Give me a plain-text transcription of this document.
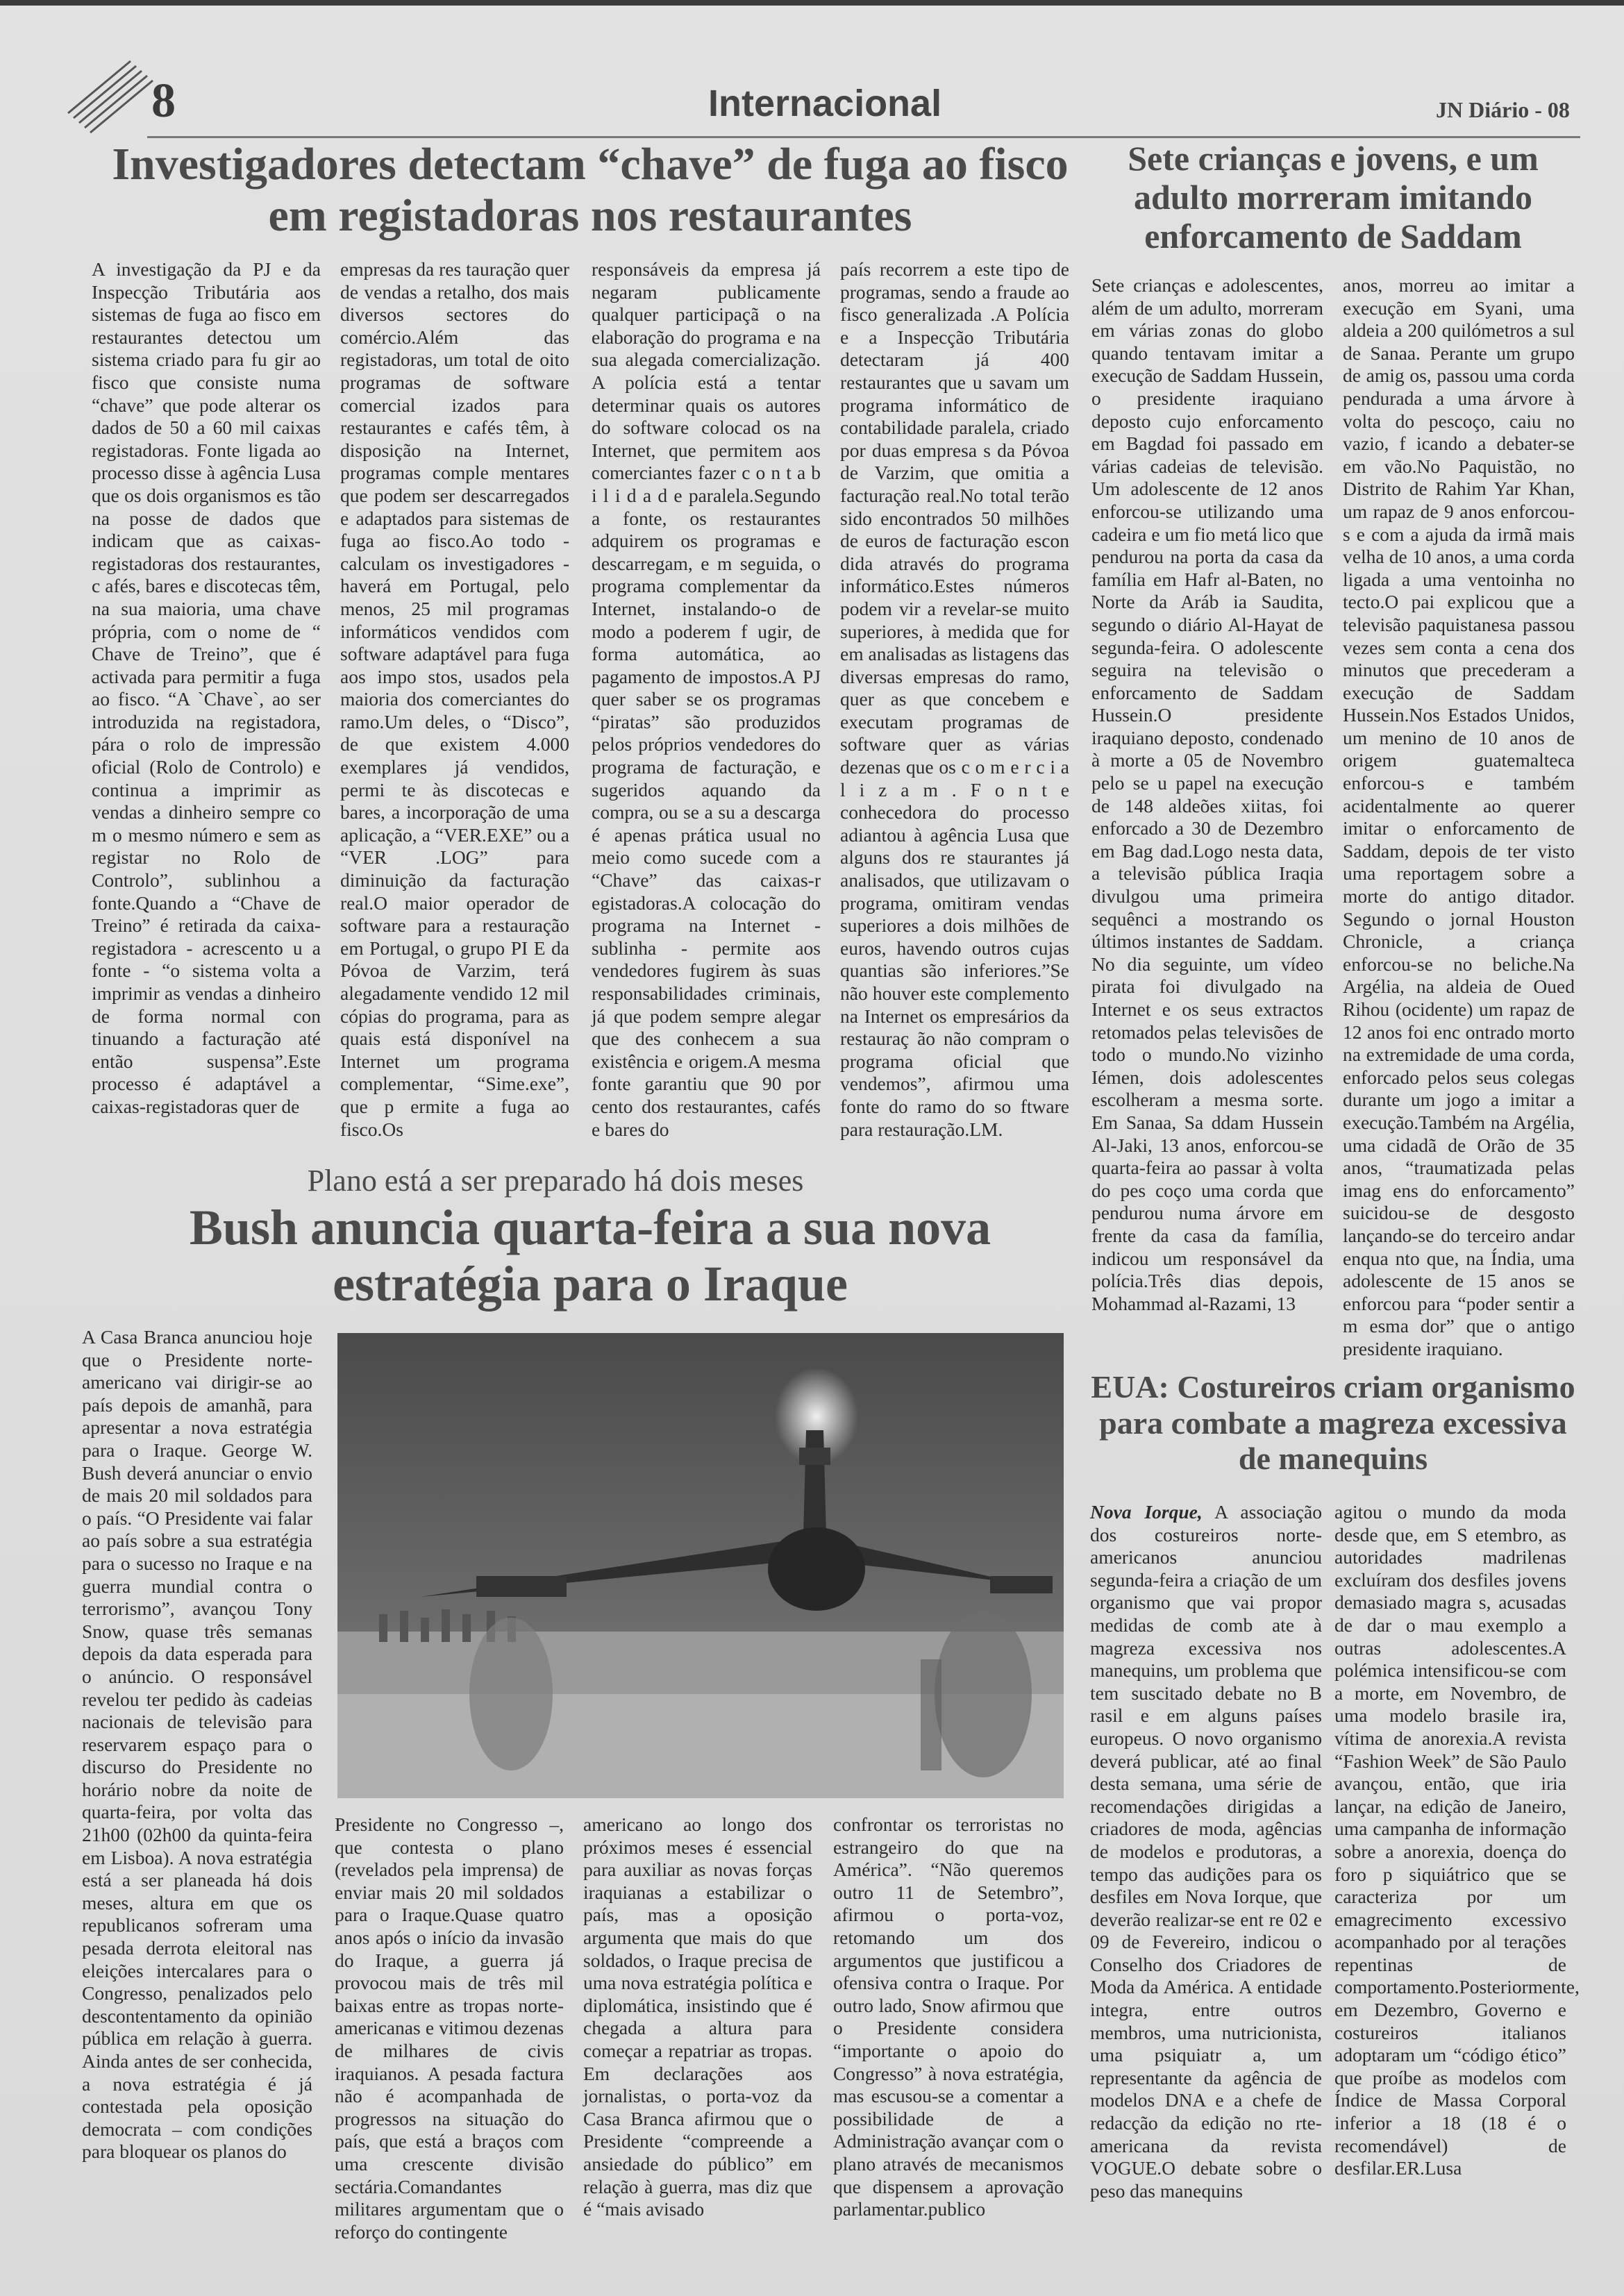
8	Internacional	JN Diário - 08
Investigadores detectam “chave” de fuga ao fisco em registadoras nos restaurantes

A investigação da PJ e da Inspecção Tributária aos sistemas de fuga ao fisco em restaurantes detectou um sistema criado para fu gir ao fisco que consiste numa “chave” que pode alterar os dados de 50 a 60 mil caixas registadoras. Fonte ligada ao processo disse à agência Lusa que os dois organismos es tão na posse de dados que indicam que as caixas-registadoras dos restaurantes, c afés, bares e discotecas têm, na sua maioria, uma chave própria, com o nome de “ Chave de Treino”, que é activada para permitir a fuga ao fisco. “A `Chave`, ao ser introduzida na registadora, pára o rolo de impressão oficial (Rolo de Controlo) e continua a imprimir as vendas a dinheiro sempre co m o mesmo número e sem as registar no Rolo de Controlo”, sublinhou a fonte.Quando a “Chave de Treino” é retirada da caixa-registadora - acrescento u a fonte - “o sistema volta a imprimir as vendas a dinheiro de forma normal con tinuando a facturação até então suspensa”.Este processo é adaptável a caixas-registadoras quer de

empresas da res tauração quer de vendas a retalho, dos mais diversos sectores do comércio.Além das registadoras, um total de oito programas de software comercial izados para restaurantes e cafés têm, à disposição na Internet, programas comple mentares que podem ser descarregados e adaptados para sistemas de fuga ao fisco.Ao todo - calculam os investigadores - haverá em Portugal, pelo menos, 25 mil programas informáticos vendidos com software adaptável para fuga aos impo stos, usados pela maioria dos comerciantes do ramo.Um deles, o “Disco”, de que existem 4.000 exemplares já vendidos, permi te às discotecas e bares, a incorporação de uma aplicação, a “VER.EXE” ou a “VER .LOG” para diminuição da facturação real.O maior operador de software para a restauração em Portugal, o grupo PI E da Póvoa de Varzim, terá alegadamente vendido 12 mil cópias do programa, para as quais está disponível na Internet um programa complementar, “Sime.exe”, que p ermite a fuga ao fisco.Os

responsáveis da empresa já negaram publicamente qualquer participaçã o na elaboração do programa e na sua alegada comercialização. A polícia está a tentar determinar quais os autores do software colocad os na Internet, que permitem aos comerciantes fazer c o n t a b i l i d a d e paralela.Segundo a fonte, os restaurantes adquirem os programas e descarregam, e m seguida, o programa complementar da Internet, instalando-o de modo a poderem f ugir, de forma automática, ao pagamento de impostos.A PJ quer saber se os programas “piratas” são produzidos pelos próprios vendedores do programa de facturação, e sugeridos aquando da compra, ou se a su a descarga é apenas prática usual no meio como sucede com a “Chave” das caixas-r egistadoras.A colocação do programa na Internet - sublinha - permite aos vendedores fugirem às suas responsabilidades criminais, já que podem sempre alegar que des conhecem a sua existência e origem.A mesma fonte garantiu que 90 por cento dos restaurantes, cafés e bares do

país recorrem a este tipo de programas, sendo a fraude ao fisco generalizada .A Polícia e a Inspecção Tributária detectaram já 400 restaurantes que u savam um programa informático de contabilidade paralela, criado por duas empresa s da Póvoa de Varzim, que omitia a facturação real.No total terão sido encontrados 50 milhões de euros de facturação escon dida através do programa informático.Estes números podem vir a revelar-se muito superiores, à medida que for em analisadas as listagens das diversas empresas do ramo, quer as que concebem e executam programas de software quer as várias dezenas que os c o m e r c i a l i z a m . F o n t e conhecedora do processo adiantou à agência Lusa que alguns dos re staurantes já analisados, que utilizavam o programa, omitiram vendas superiores a dois milhões de euros, havendo outros cujas quantias são inferiores.”Se não houver este complemento na Internet os empresários da restauraç ão não compram o programa oficial que vendemos”, afirmou uma fonte do ramo do so ftware para restauração.LM.

Sete crianças e jovens, e um adulto morreram imitando enforcamento de Saddam

Sete crianças e adolescentes, além de um adulto, morreram em várias zonas do globo quando tentavam imitar a execução de Saddam Hussein, o presidente iraquiano deposto cujo enforcamento em Bagdad foi passado em várias cadeias de televisão. Um adolescente de 12 anos enforcou-se utilizando uma cadeira e um fio metá lico que pendurou na porta da casa da família em Hafr al-Baten, no Norte da Aráb ia Saudita, segundo o diário Al-Hayat de segunda-feira. O adolescente seguira na televisão o enforcamento de Saddam Hussein.O presidente iraquiano deposto, condenado à morte a 05 de Novembro pelo se u papel na execução de 148 aldeões xiitas, foi enforcado a 30 de Dezembro em Bag dad.Logo nesta data, a televisão pública Iraqia divulgou uma primeira sequênci a mostrando os últimos instantes de Saddam. No dia seguinte, um vídeo pirata foi divulgado na Internet e os seus extractos retomados pelas televisões de todo o mundo.No vizinho Iémen, dois adolescentes escolheram a mesma sorte. Em Sanaa, Sa ddam Hussein Al-Jaki, 13 anos, enforcou-se quarta-feira ao passar à volta do pes coço uma corda que pendurou numa árvore em frente da casa da família, indicou um responsável da polícia.Três dias depois, Mohammad al-Razami, 13

anos, morreu ao imitar a execução em Syani, uma aldeia a 200 quilómetros a sul de Sanaa. Perante um grupo de amig os, passou uma corda pendurada a uma árvore à volta do pescoço, caiu no vazio, f icando a debater-se em vão.No Paquistão, no Distrito de Rahim Yar Khan, um rapaz de 9 anos enforcou-s e com a ajuda da irmã mais velha de 10 anos, a uma corda ligada a uma ventoinha no tecto.O pai explicou que a televisão paquistanesa passou vezes sem conta a cena dos minutos que precederam a execução de Saddam Hussein.Nos Estados Unidos, um menino de 10 anos de origem guatemalteca enforcou-s e também acidentalmente ao querer imitar o enforcamento de Saddam, depois de ter visto uma reportagem sobre a morte do antigo ditador. Segundo o jornal Houston Chronicle, a criança enforcou-se no beliche.Na Argélia, na aldeia de Oued Rihou (ocidente) um rapaz de 12 anos foi enc ontrado morto na extremidade de uma corda, enforcado pelos seus colegas durante um jogo a imitar a execução.Também na Argélia, uma cidadã de Orão de 35 anos, “traumatizada pelas imag ens do enforcamento” suicidou-se de desgosto lançando-se do terceiro andar enqua nto que, na Índia, uma adolescente de 15 anos se enforcou para “poder sentir a m esma dor” que o antigo presidente iraquiano.

Plano está a ser preparado há dois meses
Bush anuncia quarta-feira a sua nova estratégia para o Iraque

A Casa Branca anunciou hoje que o Presidente norte-americano vai dirigir-se ao país depois de amanhã, para apresentar a nova estratégia para o Iraque. George W. Bush deverá anunciar o envio de mais 20 mil soldados para o país. “O Presidente vai falar ao país sobre a sua estratégia para o sucesso no Iraque e na guerra mundial contra o terrorismo”, avançou Tony Snow, quase três semanas depois da data esperada para o anúncio. O responsável revelou ter pedido às cadeias nacionais de televisão para reservarem espaço para o discurso do Presidente no horário nobre da noite de quarta-feira, por volta das 21h00 (02h00 da quinta-feira em Lisboa). A nova estratégia está a ser planeada há dois meses, altura em que os republicanos sofreram uma pesada derrota eleitoral nas eleições intercalares para o Congresso, penalizados pelo descontentamento da opinião pública em relação à guerra. Ainda antes de ser conhecida, a nova estratégia é já contestada pela oposição democrata – com condições para bloquear os planos do

Presidente no Congresso –, que contesta o plano (revelados pela imprensa) de enviar mais 20 mil soldados para o Iraque.Quase quatro anos após o início da invasão do Iraque, a guerra já provocou mais de três mil baixas entre as tropas norte-americanas e vitimou dezenas de milhares de civis iraquianos. A pesada factura não é acompanhada de progressos na situação do país, que está a braços com uma crescente divisão sectária.Comandantes militares argumentam que o reforço do contingente

americano ao longo dos próximos meses é essencial para auxiliar as novas forças iraquianas a estabilizar o país, mas a oposição argumenta que mais do que soldados, o Iraque precisa de uma nova estratégia política e diplomática, insistindo que é chegada a altura para começar a repatriar as tropas. Em declarações aos jornalistas, o porta-voz da Casa Branca afirmou que o Presidente “compreende a ansiedade do público” em relação à guerra, mas diz que é “mais avisado

confrontar os terroristas no estrangeiro do que na América”. “Não queremos outro 11 de Setembro”, afirmou o porta-voz, retomando um dos argumentos que justificou a ofensiva contra o Iraque. Por outro lado, Snow afirmou que o Presidente considera “importante o apoio do Congresso” à nova estratégia, mas escusou-se a comentar a possibilidade de a Administração avançar com o plano através de mecanismos que dispensem a aprovação parlamentar.publico

EUA: Costureiros criam organismo para combate a magreza excessiva de manequins

Nova Iorque, A associação dos costureiros norte-americanos anunciou segunda-feira a criação de um organismo que vai propor medidas de comb ate à magreza excessiva nos manequins, um problema que tem suscitado debate no B rasil e em alguns países europeus. O novo organismo deverá publicar, até ao final desta semana, uma série de recomendações dirigidas a criadores de moda, agências de modelos e produtoras, a tempo das audições para os desfiles em Nova Iorque, que deverão realizar-se ent re 02 e 09 de Fevereiro, indicou o Conselho dos Criadores de Moda da América. A entidade integra, entre outros membros, uma nutricionista, uma psiquiatr a, um representante da agência de modelos DNA e a chefe de redacção da edição no rte-americana da revista VOGUE.O debate sobre o peso das manequins

agitou o mundo da moda desde que, em S etembro, as autoridades madrilenas excluíram dos desfiles jovens demasiado magra s, acusadas de dar o mau exemplo a outras adolescentes.A polémica intensificou-se com a morte, em Novembro, de uma modelo brasile ira, vítima de anorexia.A revista “Fashion Week” de São Paulo avançou, então, que iria lançar, na edição de Janeiro, uma campanha de informação sobre a anorexia, doença do foro p siquiátrico que se caracteriza por um emagrecimento excessivo acompanhado por al terações repentinas de comportamento.Posteriormente, em Dezembro, Governo e costureiros italianos adoptaram um “código ético” que proíbe as modelos com Índice de Massa Corporal inferior a 18 (18 é o recomendável) de desfilar.ER.Lusa
